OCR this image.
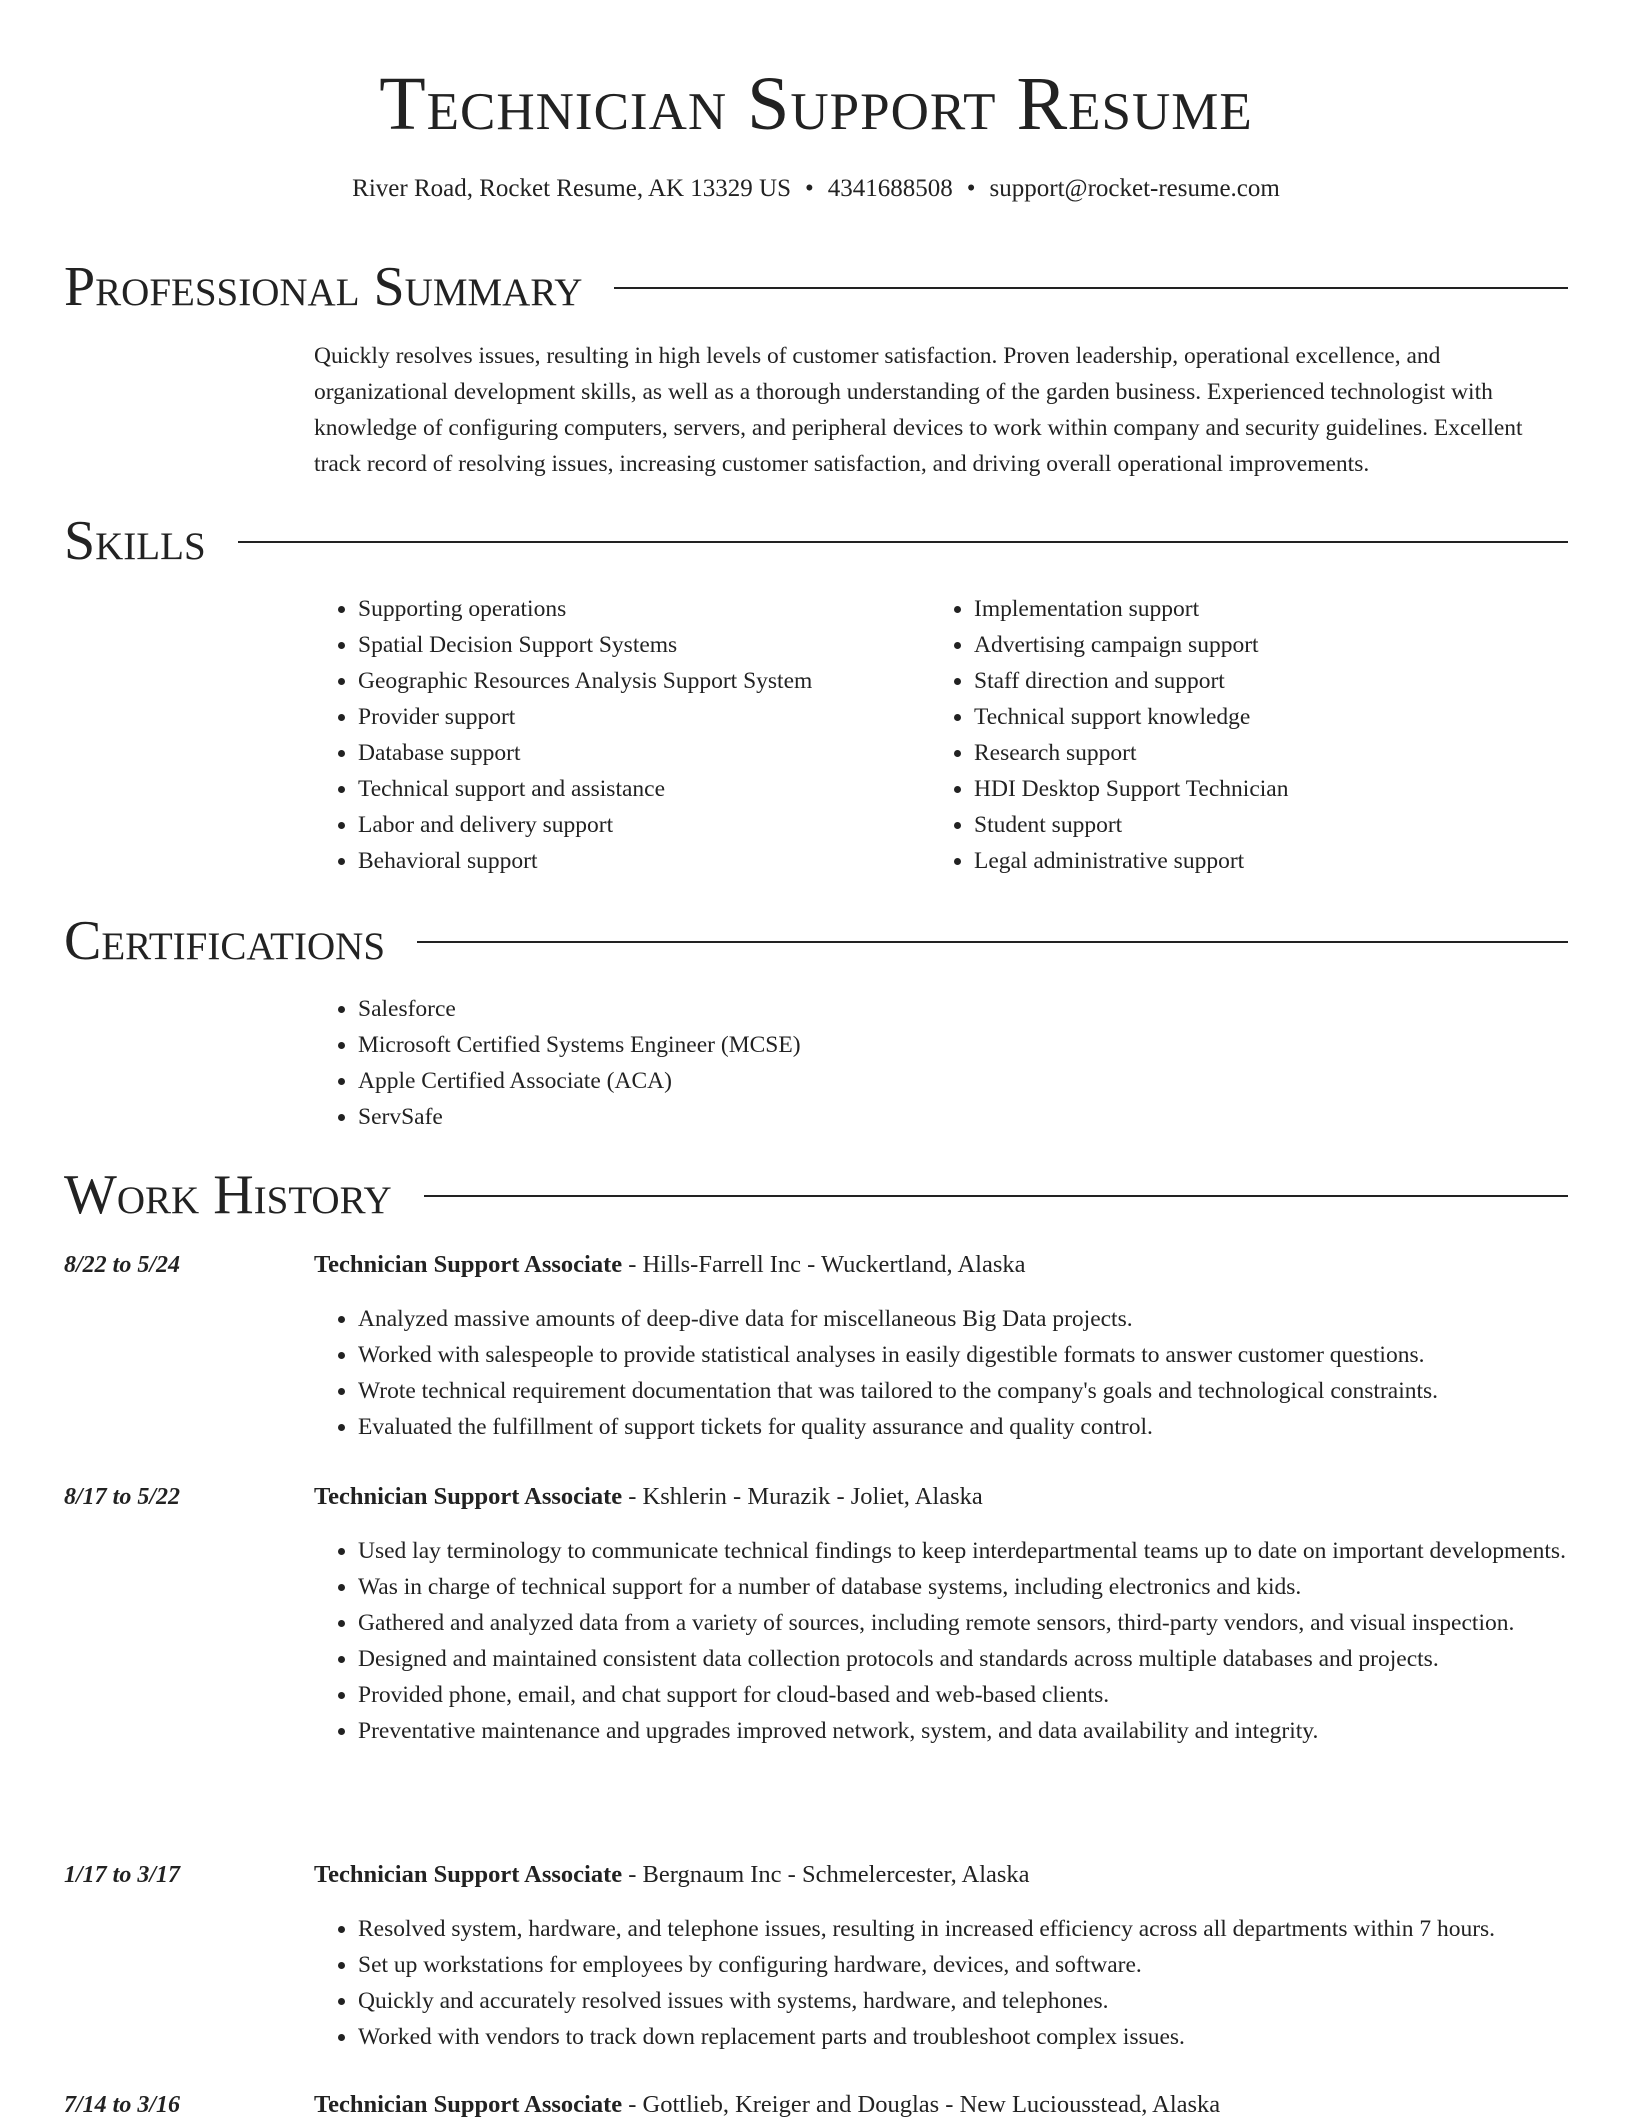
Technician Support Resume
River Road, Rocket Resume, AK 13329 US • 4341688508 • support@rocket-resume.com
Professional Summary

Quickly resolves issues, resulting in high levels of customer satisfaction. Proven leadership, operational excellence, and organizational development skills, as well as a thorough understanding of the garden business. Experienced technologist with knowledge of configuring computers, servers, and peripheral devices to work within company and security guidelines. Excellent track record of resolving issues, increasing customer satisfaction, and driving overall operational improvements.

Skills
• Supporting operations
• Spatial Decision Support Systems
• Geographic Resources Analysis Support System
• Provider support
• Database support
• Technical support and assistance
• Labor and delivery support
• Behavioral support
• Implementation support
• Advertising campaign support
• Staff direction and support
• Technical support knowledge
• Research support
• HDI Desktop Support Technician
• Student support
• Legal administrative support
Certifications
• Salesforce
• Microsoft Certified Systems Engineer (MCSE)
• Apple Certified Associate (ACA)
• ServSafe
Work History
8/22 to 5/24	Technician Support Associate - Hills-Farrell Inc - Wuckertland, Alaska
• Analyzed massive amounts of deep-dive data for miscellaneous Big Data projects.
• Worked with salespeople to provide statistical analyses in easily digestible formats to answer customer questions.
• Wrote technical requirement documentation that was tailored to the company's goals and technological constraints.
• Evaluated the fulfillment of support tickets for quality assurance and quality control.
8/17 to 5/22	Technician Support Associate - Kshlerin - Murazik - Joliet, Alaska
• Used lay terminology to communicate technical findings to keep interdepartmental teams up to date on important developments.
• Was in charge of technical support for a number of database systems, including electronics and kids.
• Gathered and analyzed data from a variety of sources, including remote sensors, third-party vendors, and visual inspection.
• Designed and maintained consistent data collection protocols and standards across multiple databases and projects.
• Provided phone, email, and chat support for cloud-based and web-based clients.
• Preventative maintenance and upgrades improved network, system, and data availability and integrity.
1/17 to 3/17	Technician Support Associate - Bergnaum Inc - Schmelercester, Alaska
• Resolved system, hardware, and telephone issues, resulting in increased efficiency across all departments within 7 hours.
• Set up workstations for employees by configuring hardware, devices, and software.
• Quickly and accurately resolved issues with systems, hardware, and telephones.
• Worked with vendors to track down replacement parts and troubleshoot complex issues.
7/14 to 3/16	Technician Support Associate - Gottlieb, Kreiger and Douglas - New Luciousstead, Alaska
